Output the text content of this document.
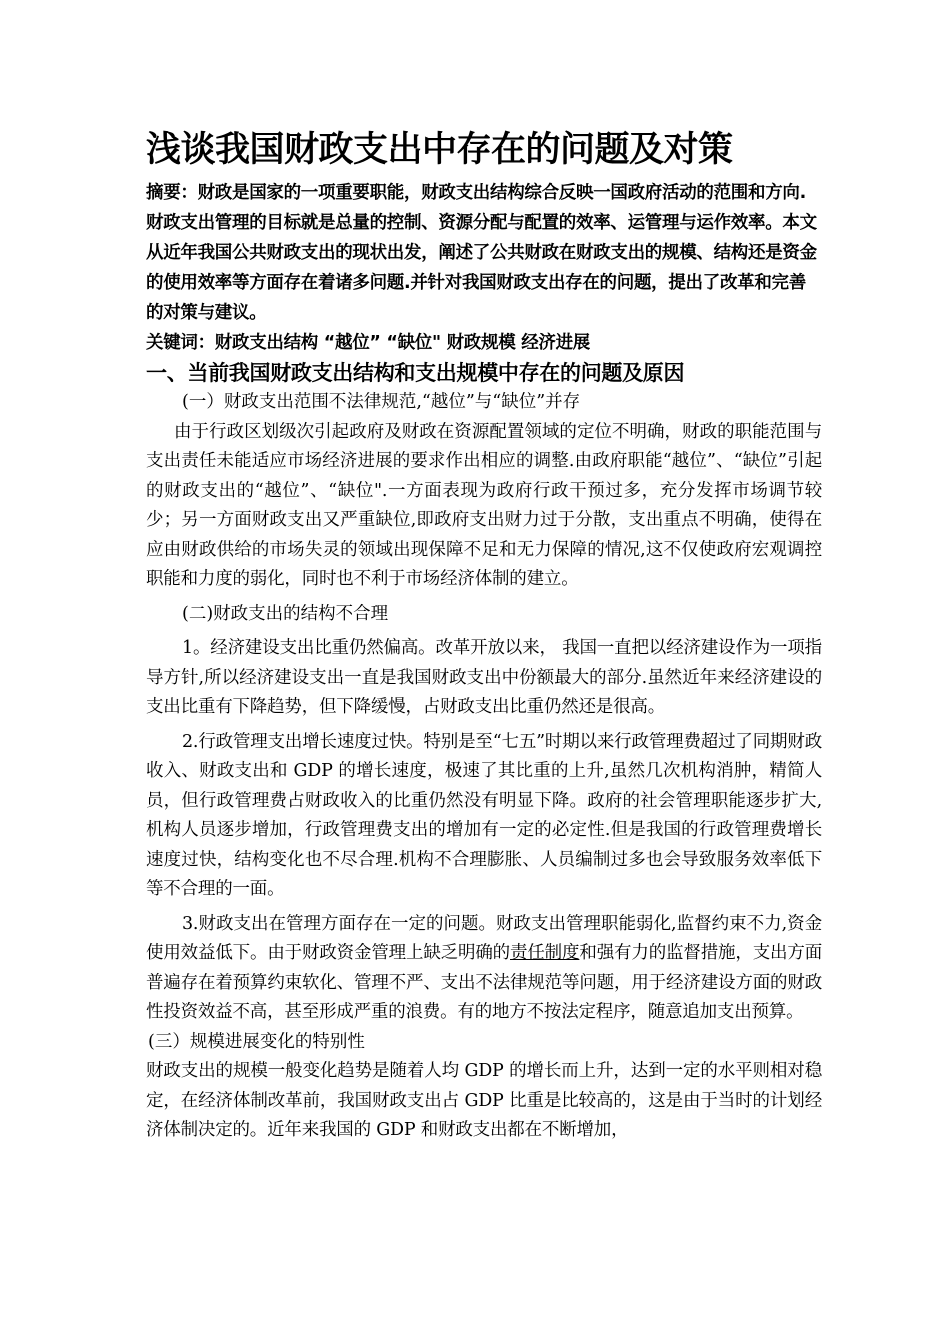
浅谈我国财政支出中存在的问题及对策

摘要：财政是国家的一项重要职能，财政支出结构综合反映一国政府活动的范围和方向.财政支出管理的目标就是总量的控制、资源分配与配置的效率、运管理与运作效率。本文从近年我国公共财政支出的现状出发，阐述了公共财政在财政支出的规模、结构还是资金的使用效率等方面存在着诸多问题.并针对我国财政支出存在的问题，提出了改革和完善的对策与建议。

关键词：财政支出结构 “越位” “缺位" 财政规模 经济进展

一、当前我国财政支出结构和支出规模中存在的问题及原因

(一）财政支出范围不法律规范,“越位”与“缺位”并存

由于行政区划级次引起政府及财政在资源配置领域的定位不明确，财政的职能范围与支出责任未能适应市场经济进展的要求作出相应的调整.由政府职能“越位”、“缺位”引起的财政支出的“越位”、“缺位".一方面表现为政府行政干预过多，充分发挥市场调节较少；另一方面财政支出又严重缺位,即政府支出财力过于分散，支出重点不明确，使得在应由财政供给的市场失灵的领域出现保障不足和无力保障的情况,这不仅使政府宏观调控职能和力度的弱化，同时也不利于市场经济体制的建立。

(二)财政支出的结构不合理

1。经济建设支出比重仍然偏高。改革开放以来， 我国一直把以经济建设作为一项指导方针,所以经济建设支出一直是我国财政支出中份额最大的部分.虽然近年来经济建设的支出比重有下降趋势，但下降缓慢，占财政支出比重仍然还是很高。

2.行政管理支出增长速度过快。特别是至“七五”时期以来行政管理费超过了同期财政收入、财政支出和 GDP 的增长速度，极速了其比重的上升,虽然几次机构消肿，精简人员，但行政管理费占财政收入的比重仍然没有明显下降。政府的社会管理职能逐步扩大,机构人员逐步增加，行政管理费支出的增加有一定的必定性.但是我国的行政管理费增长速度过快，结构变化也不尽合理.机构不合理膨胀、人员编制过多也会导致服务效率低下等不合理的一面。

3.财政支出在管理方面存在一定的问题。财政支出管理职能弱化,监督约束不力,资金使用效益低下。由于财政资金管理上缺乏明确的责任制度和强有力的监督措施，支出方面普遍存在着预算约束软化、管理不严、支出不法律规范等问题，用于经济建设方面的财政性投资效益不高，甚至形成严重的浪费。有的地方不按法定程序，随意追加支出预算。

(三）规模进展变化的特别性

财政支出的规模一般变化趋势是随着人均 GDP 的增长而上升，达到一定的水平则相对稳定，在经济体制改革前，我国财政支出占 GDP 比重是比较高的，这是由于当时的计划经济体制决定的。近年来我国的 GDP 和财政支出都在不断增加，
